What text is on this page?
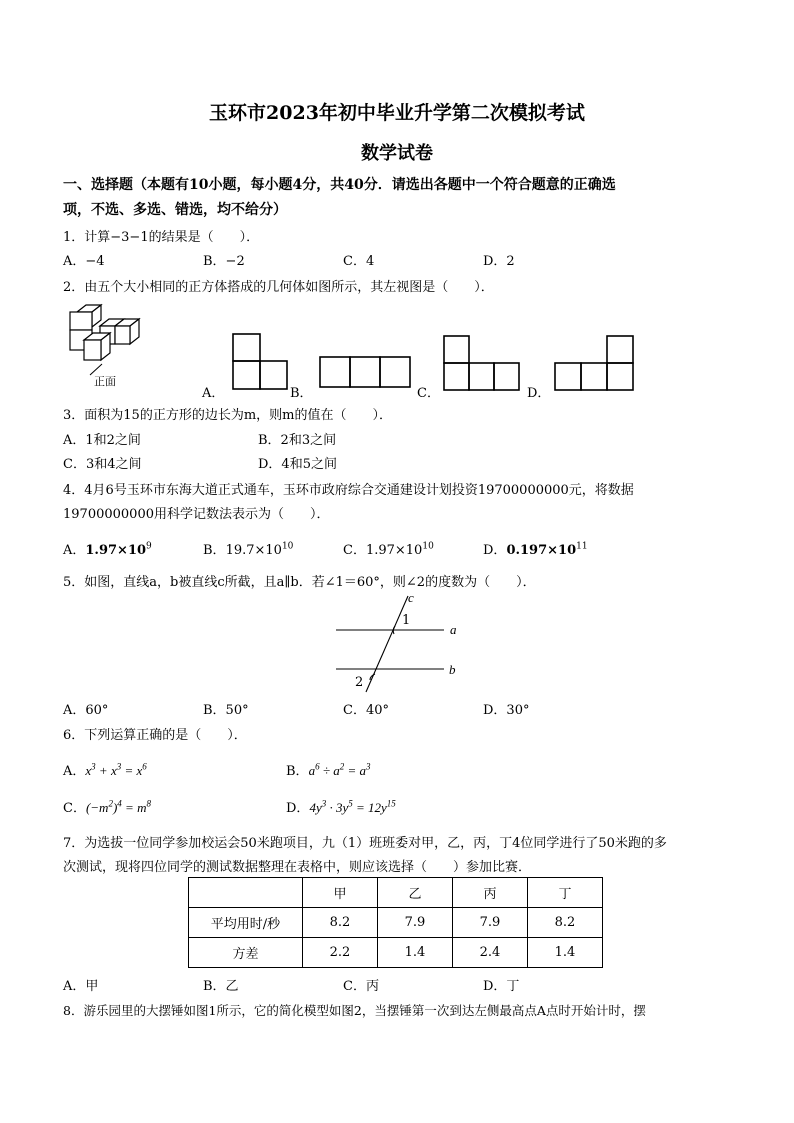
玉环市2023年初中毕业升学第二次模拟考试
数学试卷
一、选择题（本题有10小题，每小题4分，共40分．请选出各题中一个符合题意的正确选
项，不选、多选、错选，均不给分）
1．计算−3−1的结果是（　　）．
A．−4	B．−2	C．4	D．2
2．由五个大小相同的正方体搭成的几何体如图所示，其左视图是（　　）．
正面
A．	B．	C．	D．
3．面积为15的正方形的边长为m，则m的值在（　　）．
A．1和2之间	B．2和3之间
C．3和4之间	D．4和5之间
4．4月6号玉环市东海大道正式通车，玉环市政府综合交通建设计划投资19700000000元，将数据
19700000000用科学记数法表示为（　　）．
A．$1.97\times 10^9$	B．$19.7\times 10^{10}$	C．$1.97\times 10^{10}$	D．$0.197\times 10^{11}$
5．如图，直线a，b被直线c所截，且a∥b．若∠1＝60°，则∠2的度数为（　　）．
c
1
a
b
2
A．60°	B．50°	C．40°	D．30°
6．下列运算正确的是（　　）．
A．$x^3 + x^3 = x^6$	B．$a^6 \div a^2 = a^3$
C．$(-m^2)^4 = m^8$	D．$4y^3 \cdot 3y^5 = 12y^{15}$
7．为选拔一位同学参加校运会50米跑项目，九（1）班班委对甲，乙，丙，丁4位同学进行了50米跑的多
次测试，现将四位同学的测试数据整理在表格中，则应该选择（　　）参加比赛．
	甲	乙	丙	丁
平均用时/秒	8.2	7.9	7.9	8.2
方差	2.2	1.4	2.4	1.4
A．甲	B．乙	C．丙	D．丁
8．游乐园里的大摆锤如图1所示，它的简化模型如图2，当摆锤第一次到达左侧最高点A点时开始计时，摆
